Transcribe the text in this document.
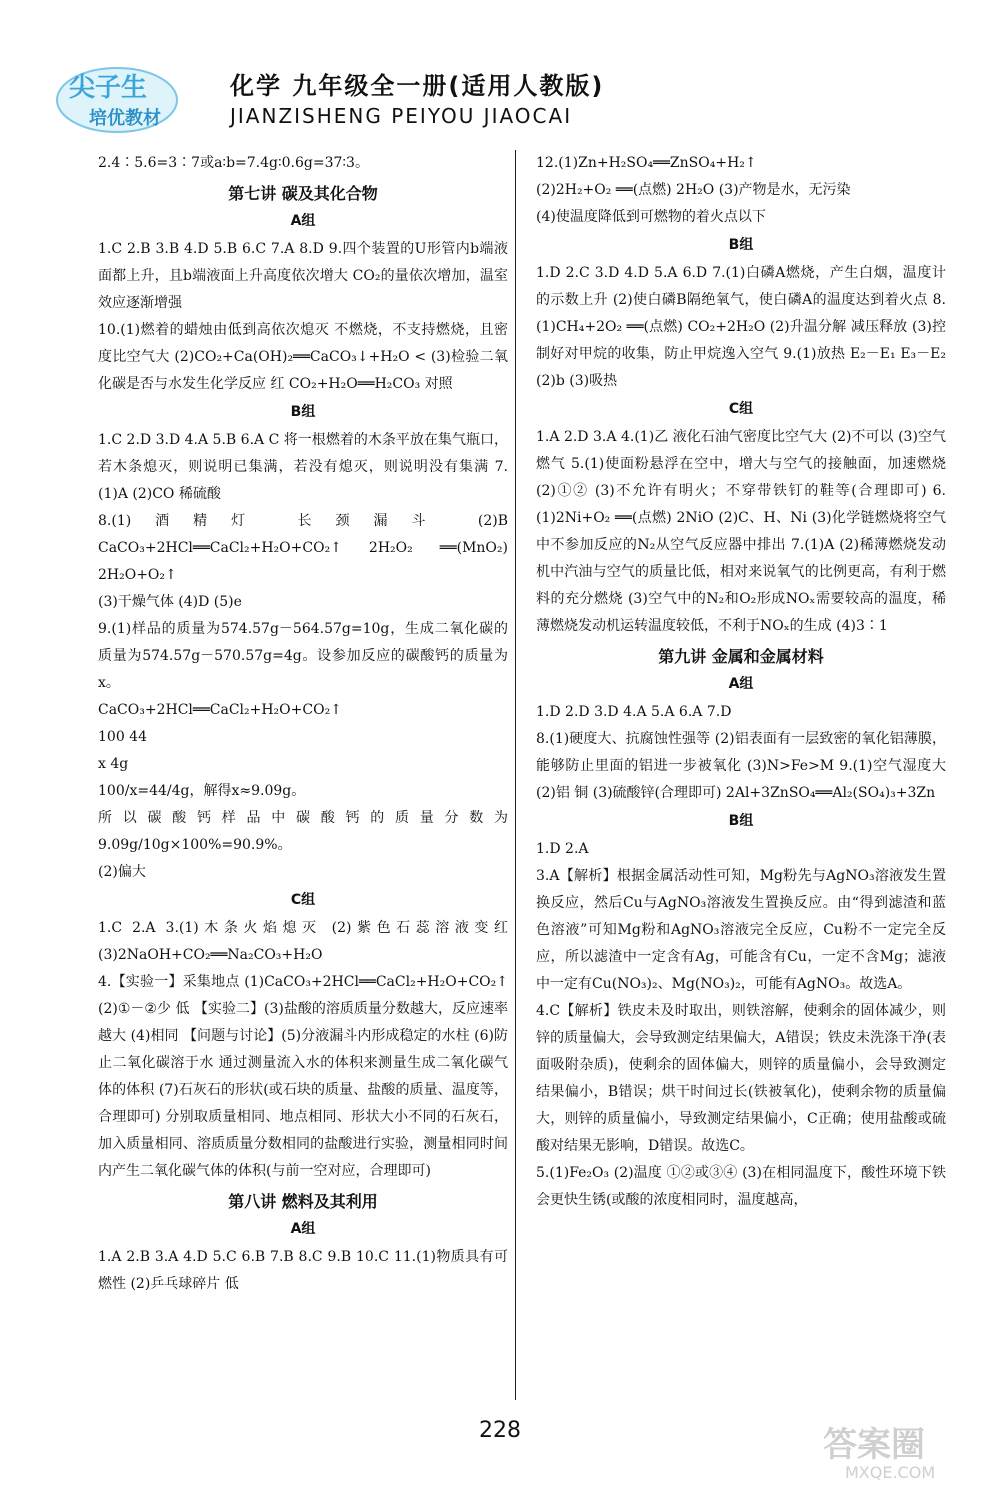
尖子生
培优教材
化学 九年级全一册(适用人教版)
JIANZISHENG PEIYOU JIAOCAI
2.4∶5.6=3∶7或a∶b=7.4g∶0.6g=37∶3。
第七讲 碳及其化合物
A组
1.C 2.B 3.B 4.D 5.B 6.C 7.A 8.D 9.四个装置的U形管内b端液面都上升，且b端液面上升高度依次增大 CO₂的量依次增加，温室效应逐渐增强
10.(1)燃着的蜡烛由低到高依次熄灭 不燃烧，不支持燃烧，且密度比空气大 (2)CO₂+Ca(OH)₂══CaCO₃↓+H₂O < (3)检验二氧化碳是否与水发生化学反应 红 CO₂+H₂O══H₂CO₃ 对照
B组
1.C 2.D 3.D 4.A 5.B 6.A C 将一根燃着的木条平放在集气瓶口，若木条熄灭，则说明已集满，若没有熄灭，则说明没有集满 7.(1)A (2)CO 稀硫酸
8.(1)酒精灯 长颈漏斗 (2)B CaCO₃+2HCl══CaCl₂+H₂O+CO₂↑ 2H₂O₂ ══(MnO₂) 2H₂O+O₂↑
(3)干燥气体 (4)D (5)e
9.(1)样品的质量为574.57g－564.57g=10g，生成二氧化碳的质量为574.57g－570.57g=4g。设参加反应的碳酸钙的质量为x。
CaCO₃+2HCl══CaCl₂+H₂O+CO₂↑
100 44
x 4g
100/x=44/4g，解得x≈9.09g。
所以碳酸钙样品中碳酸钙的质量分数为9.09g/10g×100%=90.9%。
(2)偏大
C组
1.C 2.A 3.(1)木条火焰熄灭 (2)紫色石蕊溶液变红 (3)2NaOH+CO₂══Na₂CO₃+H₂O
4.【实验一】采集地点 (1)CaCO₃+2HCl══CaCl₂+H₂O+CO₂↑ (2)①－②少 低 【实验二】(3)盐酸的溶质质量分数越大，反应速率越大 (4)相同 【问题与讨论】(5)分液漏斗内形成稳定的水柱 (6)防止二氧化碳溶于水 通过测量流入水的体积来测量生成二氧化碳气体的体积 (7)石灰石的形状(或石块的质量、盐酸的质量、温度等，合理即可) 分别取质量相同、地点相同、形状大小不同的石灰石，加入质量相同、溶质质量分数相同的盐酸进行实验，测量相同时间内产生二氧化碳气体的体积(与前一空对应，合理即可)
第八讲 燃料及其利用
A组
1.A 2.B 3.A 4.D 5.C 6.B 7.B 8.C 9.B 10.C 11.(1)物质具有可燃性 (2)乒乓球碎片 低
12.(1)Zn+H₂SO₄══ZnSO₄+H₂↑
(2)2H₂+O₂ ══(点燃) 2H₂O (3)产物是水，无污染
(4)使温度降低到可燃物的着火点以下
B组
1.D 2.C 3.D 4.D 5.A 6.D 7.(1)白磷A燃烧，产生白烟，温度计的示数上升 (2)使白磷B隔绝氧气，使白磷A的温度达到着火点 8.(1)CH₄+2O₂ ══(点燃) CO₂+2H₂O (2)升温分解 减压释放 (3)控制好对甲烷的收集，防止甲烷逸入空气 9.(1)放热 E₂－E₁ E₃－E₂ (2)b (3)吸热
C组
1.A 2.D 3.A 4.(1)乙 液化石油气密度比空气大 (2)不可以 (3)空气 燃气 5.(1)使面粉悬浮在空中，增大与空气的接触面，加速燃烧 (2)①② (3)不允许有明火；不穿带铁钉的鞋等(合理即可) 6.(1)2Ni+O₂ ══(点燃) 2NiO (2)C、H、Ni (3)化学链燃烧将空气中不参加反应的N₂从空气反应器中排出 7.(1)A (2)稀薄燃烧发动机中汽油与空气的质量比低，相对来说氧气的比例更高，有利于燃料的充分燃烧 (3)空气中的N₂和O₂形成NOₓ需要较高的温度，稀薄燃烧发动机运转温度较低，不利于NOₓ的生成 (4)3∶1
第九讲 金属和金属材料
A组
1.D 2.D 3.D 4.A 5.A 6.A 7.D
8.(1)硬度大、抗腐蚀性强等 (2)铝表面有一层致密的氧化铝薄膜，能够防止里面的铝进一步被氧化 (3)N>Fe>M 9.(1)空气湿度大 (2)铝 铜 (3)硫酸锌(合理即可) 2Al+3ZnSO₄══Al₂(SO₄)₃+3Zn
B组
1.D 2.A
3.A【解析】根据金属活动性可知，Mg粉先与AgNO₃溶液发生置换反应，然后Cu与AgNO₃溶液发生置换反应。由“得到滤渣和蓝色溶液”可知Mg粉和AgNO₃溶液完全反应，Cu粉不一定完全反应，所以滤渣中一定含有Ag，可能含有Cu，一定不含Mg；滤液中一定有Cu(NO₃)₂、Mg(NO₃)₂，可能有AgNO₃。故选A。
4.C【解析】铁皮未及时取出，则铁溶解，使剩余的固体减少，则锌的质量偏大，会导致测定结果偏大，A错误；铁皮未洗涤干净(表面吸附杂质)，使剩余的固体偏大，则锌的质量偏小，会导致测定结果偏小，B错误；烘干时间过长(铁被氧化)，使剩余物的质量偏大，则锌的质量偏小，导致测定结果偏小，C正确；使用盐酸或硫酸对结果无影响，D错误。故选C。
5.(1)Fe₂O₃ (2)温度 ①②或③④ (3)在相同温度下，酸性环境下铁会更快生锈(或酸的浓度相同时，温度越高，
228	答案圈
MXQE.COM
